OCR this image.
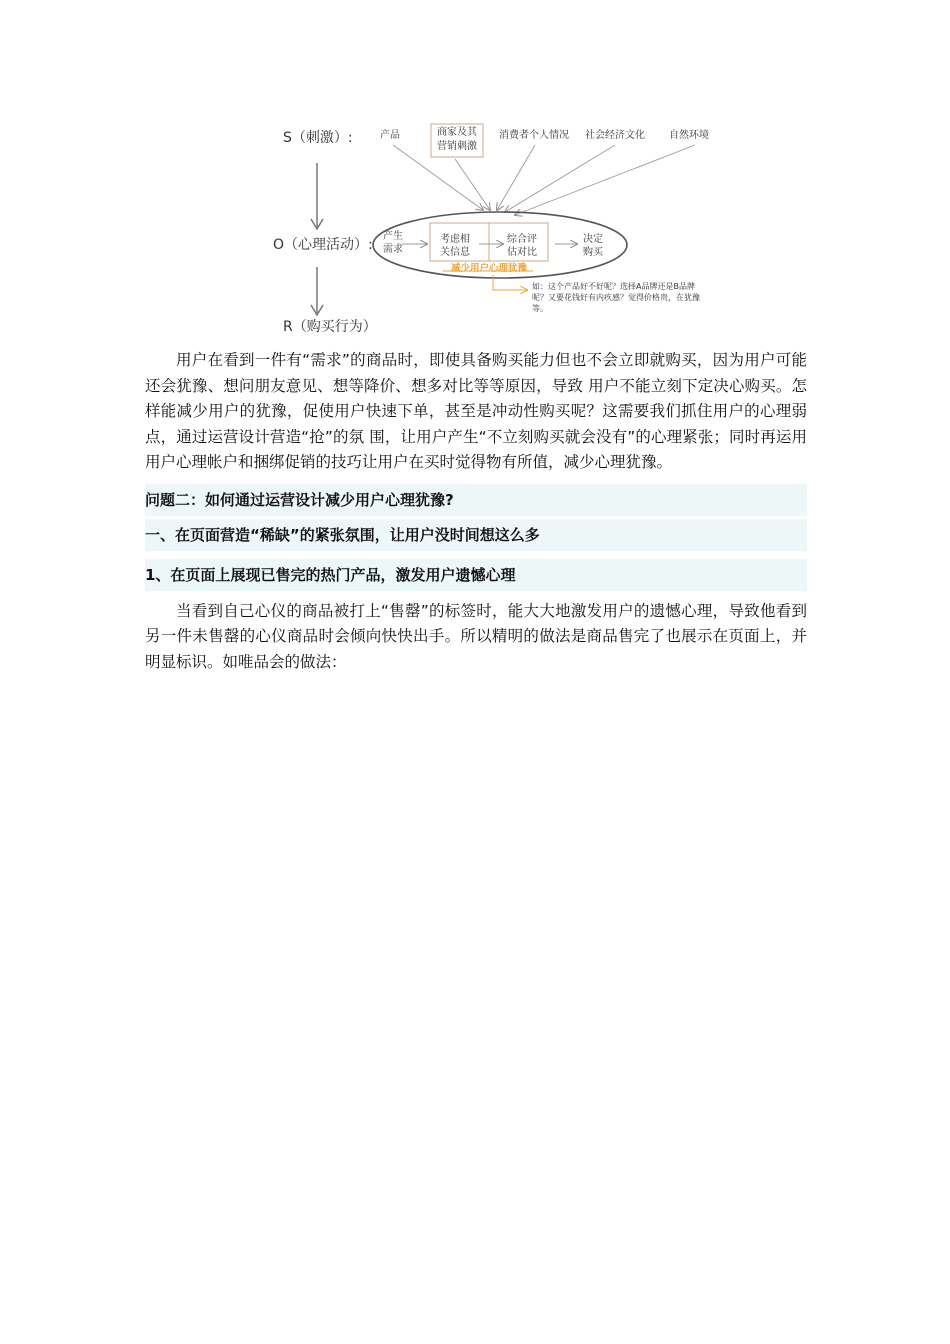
S（刺激）:
O（心理活动）:
R（购买行为）
产品	商家及其
营销刺激
消费者个人情况 社会经济文化 自然环境
产生
需求
考虑相
关信息
综合评
估对比
决定
购买
减少用户心理犹豫
如：这个产品好不好呢？选择A品牌还是B品牌呢？又要花钱好有内疚感？觉得价格贵，在犹豫等。

用户在看到一件有“需求”的商品时，即使具备购买能力但也不会立即就购买，因为用户可能还会犹豫、想问朋友意见、想等降价、想多对比等等原因，导致 用户不能立刻下定决心购买。怎样能减少用户的犹豫，促使用户快速下单，甚至是冲动性购买呢？这需要我们抓住用户的心理弱点，通过运营设计营造“抢”的氛 围，让用户产生“不立刻购买就会没有”的心理紧张；同时再运用用户心理帐户和捆绑促销的技巧让用户在买时觉得物有所值，减少心理犹豫。

问题二：如何通过运营设计减少用户心理犹豫?
一、在页面营造“稀缺”的紧张氛围，让用户没时间想这么多
1、在页面上展现已售完的热门产品，激发用户遗憾心理

当看到自己心仪的商品被打上“售罄”的标签时，能大大地激发用户的遗憾心理，导致他看到另一件未售罄的心仪商品时会倾向快快出手。所以精明的做法是商品售完了也展示在页面上，并明显标识。如唯品会的做法：
